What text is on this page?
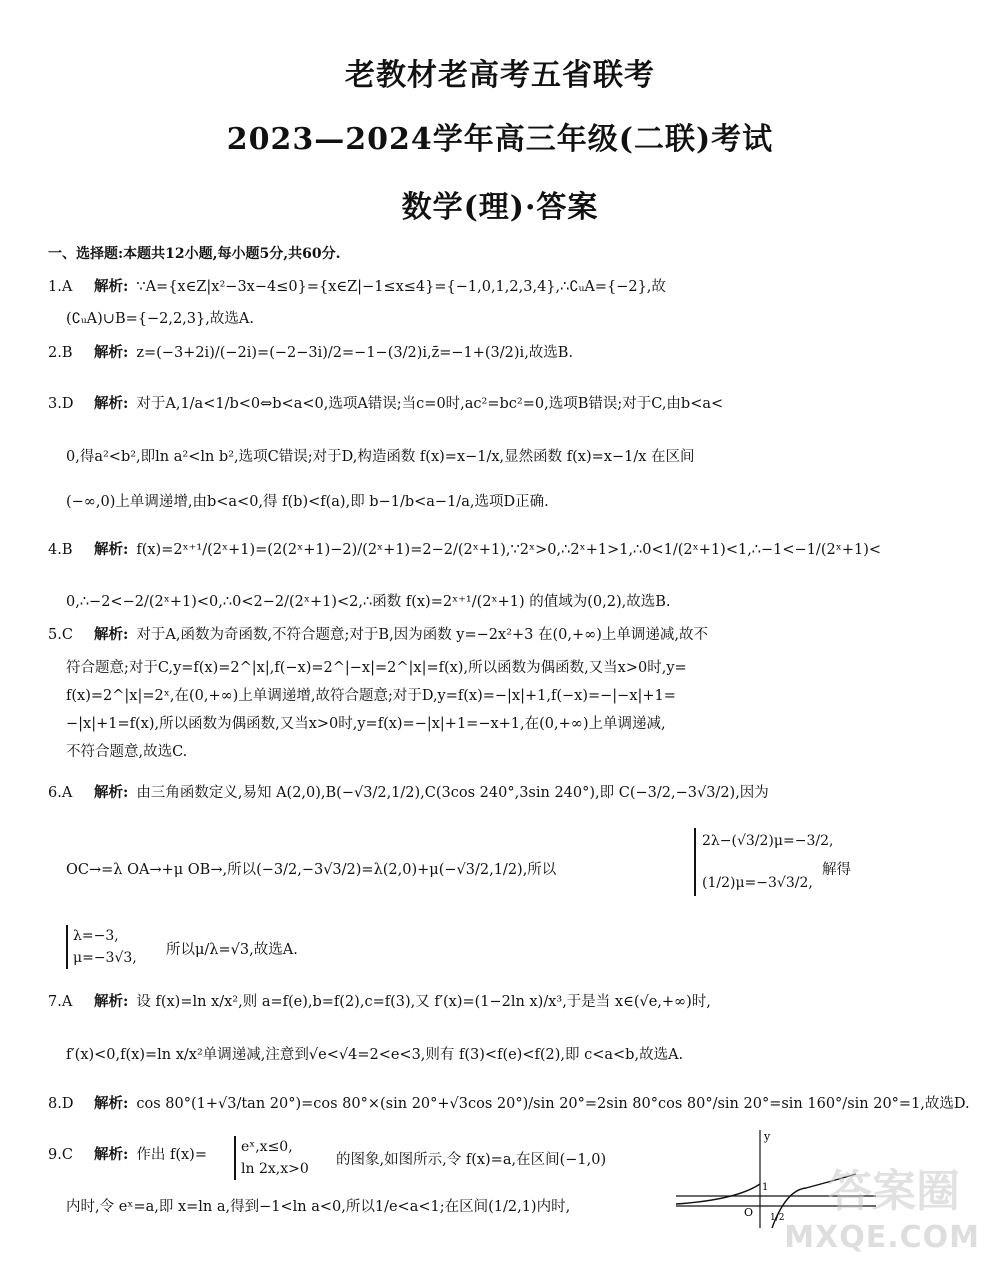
老教材老高考五省联考
2023—2024学年高三年级(二联)考试
数学(理)·答案
一、选择题:本题共12小题,每小题5分,共60分.
1.A 解析: ∵A={x∈Z|x²−3x−4≤0}={x∈Z|−1≤x≤4}={−1,0,1,2,3,4},∴∁ᵤA={−2},故
(∁ᵤA)∪B={−2,2,3},故选A.
2.B 解析: z=(−3+2i)/(−2i)=(−2−3i)/2=−1−(3/2)i,z̄=−1+(3/2)i,故选B.
3.D 解析: 对于A,1/a<1/b<0⇔b<a<0,选项A错误;当c=0时,ac²=bc²=0,选项B错误;对于C,由b<a<
0,得a²<b²,即ln a²<ln b²,选项C错误;对于D,构造函数 f(x)=x−1/x,显然函数 f(x)=x−1/x 在区间
(−∞,0)上单调递增,由b<a<0,得 f(b)<f(a),即 b−1/b<a−1/a,选项D正确.
4.B 解析: f(x)=2ˣ⁺¹/(2ˣ+1)=(2(2ˣ+1)−2)/(2ˣ+1)=2−2/(2ˣ+1),∵2ˣ>0,∴2ˣ+1>1,∴0<1/(2ˣ+1)<1,∴−1<−1/(2ˣ+1)<
0,∴−2<−2/(2ˣ+1)<0,∴0<2−2/(2ˣ+1)<2,∴函数 f(x)=2ˣ⁺¹/(2ˣ+1) 的值域为(0,2),故选B.
5.C 解析: 对于A,函数为奇函数,不符合题意;对于B,因为函数 y=−2x²+3 在(0,+∞)上单调递减,故不
符合题意;对于C,y=f(x)=2^|x|,f(−x)=2^|−x|=2^|x|=f(x),所以函数为偶函数,又当x>0时,y=
f(x)=2^|x|=2ˣ,在(0,+∞)上单调递增,故符合题意;对于D,y=f(x)=−|x|+1,f(−x)=−|−x|+1=
−|x|+1=f(x),所以函数为偶函数,又当x>0时,y=f(x)=−|x|+1=−x+1,在(0,+∞)上单调递减,
不符合题意,故选C.
6.A 解析: 由三角函数定义,易知 A(2,0),B(−√3/2,1/2),C(3cos 240°,3sin 240°),即 C(−3/2,−3√3/2),因为
OC→=λ OA→+μ OB→,所以(−3/2,−3√3/2)=λ(2,0)+μ(−√3/2,1/2),所以
2λ−(√3/2)μ=−3/2,
(1/2)μ=−3√3/2,
解得
λ=−3,
μ=−3√3, 所以μ/λ=√3,故选A.
7.A 解析: 设 f(x)=ln x/x²,则 a=f(e),b=f(2),c=f(3),又 f′(x)=(1−2ln x)/x³,于是当 x∈(√e,+∞)时,
f′(x)<0,f(x)=ln x/x²单调递减,注意到√e<√4=2<e<3,则有 f(3)<f(e)<f(2),即 c<a<b,故选A.
8.D 解析: cos 80°(1+√3/tan 20°)=cos 80°×(sin 20°+√3cos 20°)/sin 20°=2sin 80°cos 80°/sin 20°=sin 160°/sin 20°=1,故选D.
9.C 解析: 作出 f(x)=	eˣ,x≤0,
ln 2x,x>0
的图象,如图所示,令 f(x)=a,在区间(−1,0)
内时,令 eˣ=a,即 x=ln a,得到−1<ln a<0,所以1/e<a<1;在区间(1/2,1)内时,
y
O
1
1/2
答案圈
MXQE.COM
